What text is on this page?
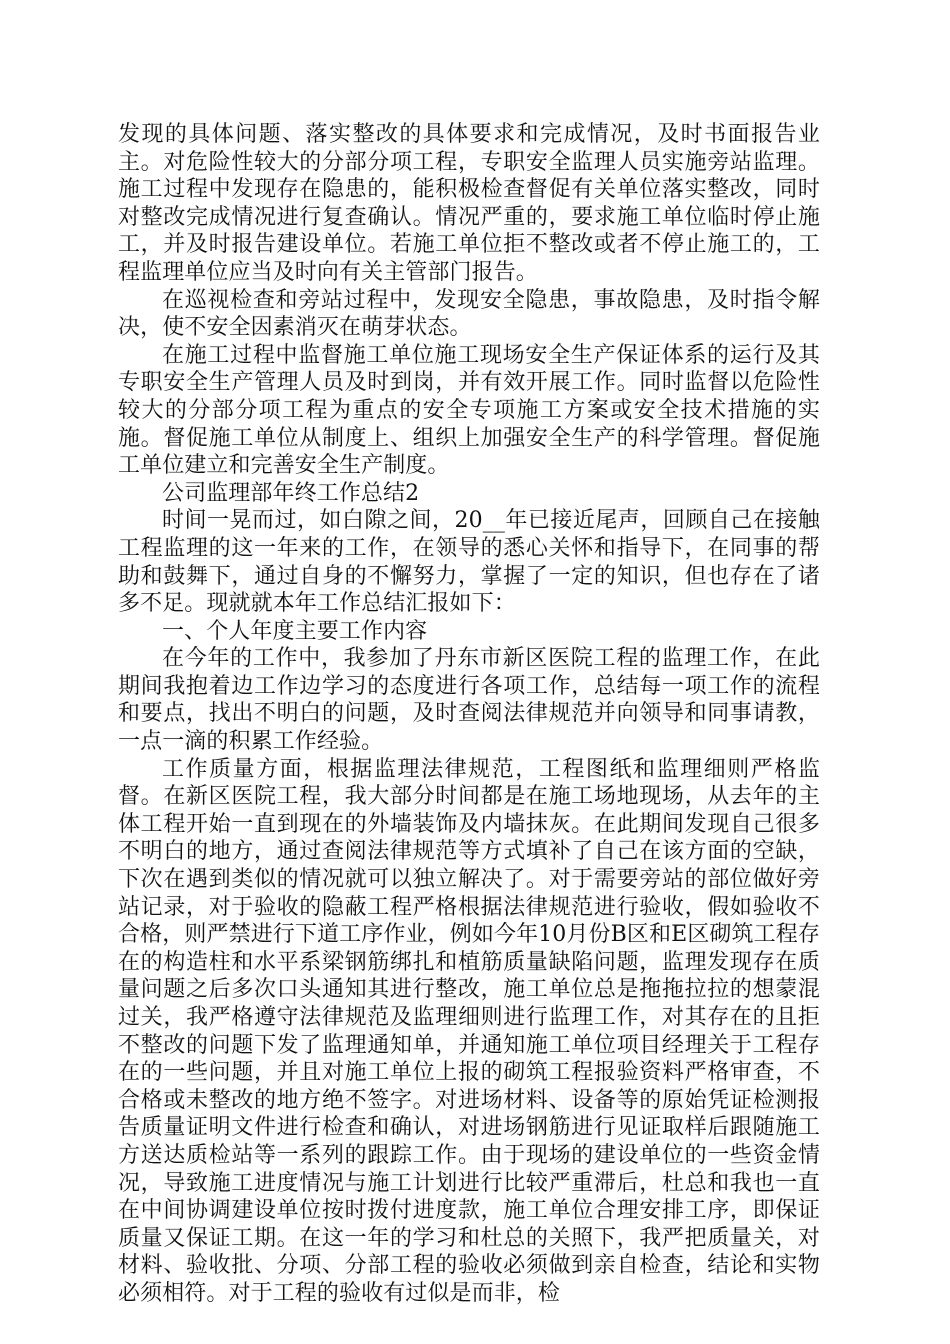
发现的具体问题、落实整改的具体要求和完成情况，及时书面报告业主。对危险性较大的分部分项工程，专职安全监理人员实施旁站监理。施工过程中发现存在隐患的，能积极检查督促有关单位落实整改，同时对整改完成情况进行复查确认。情况严重的，要求施工单位临时停止施工，并及时报告建设单位。若施工单位拒不整改或者不停止施工的，工程监理单位应当及时向有关主管部门报告。

在巡视检查和旁站过程中，发现安全隐患，事故隐患，及时指令解决，使不安全因素消灭在萌芽状态。

在施工过程中监督施工单位施工现场安全生产保证体系的运行及其专职安全生产管理人员及时到岗，并有效开展工作。同时监督以危险性较大的分部分项工程为重点的安全专项施工方案或安全技术措施的实施。督促施工单位从制度上、组织上加强安全生产的科学管理。督促施工单位建立和完善安全生产制度。

公司监理部年终工作总结2

时间一晃而过，如白隙之间，20__年已接近尾声，回顾自己在接触工程监理的这一年来的工作，在领导的悉心关怀和指导下，在同事的帮助和鼓舞下，通过自身的不懈努力，掌握了一定的知识，但也存在了诸多不足。现就就本年工作总结汇报如下：

一、个人年度主要工作内容

在今年的工作中，我参加了丹东市新区医院工程的监理工作，在此期间我抱着边工作边学习的态度进行各项工作，总结每一项工作的流程和要点，找出不明白的问题，及时查阅法律规范并向领导和同事请教，一点一滴的积累工作经验。

工作质量方面，根据监理法律规范，工程图纸和监理细则严格监督。在新区医院工程，我大部分时间都是在施工场地现场，从去年的主体工程开始一直到现在的外墙装饰及内墙抹灰。在此期间发现自己很多不明白的地方，通过查阅法律规范等方式填补了自己在该方面的空缺，下次在遇到类似的情况就可以独立解决了。对于需要旁站的部位做好旁站记录，对于验收的隐蔽工程严格根据法律规范进行验收，假如验收不合格，则严禁进行下道工序作业，例如今年10月份B区和E区砌筑工程存在的构造柱和水平系梁钢筋绑扎和植筋质量缺陷问题，监理发现存在质量问题之后多次口头通知其进行整改，施工单位总是拖拖拉拉的想蒙混过关，我严格遵守法律规范及监理细则进行监理工作，对其存在的且拒不整改的问题下发了监理通知单，并通知施工单位项目经理关于工程存在的一些问题，并且对施工单位上报的砌筑工程报验资料严格审查，不合格或未整改的地方绝不签字。对进场材料、设备等的原始凭证检测报告质量证明文件进行检查和确认，对进场钢筋进行见证取样后跟随施工方送达质检站等一系列的跟踪工作。由于现场的建设单位的一些资金情况，导致施工进度情况与施工计划进行比较严重滞后，杜总和我也一直在中间协调建设单位按时拨付进度款，施工单位合理安排工序，即保证质量又保证工期。在这一年的学习和杜总的关照下，我严把质量关，对材料、验收批、分项、分部工程的验收必须做到亲自检查，结论和实物必须相符。对于工程的验收有过似是而非，检
